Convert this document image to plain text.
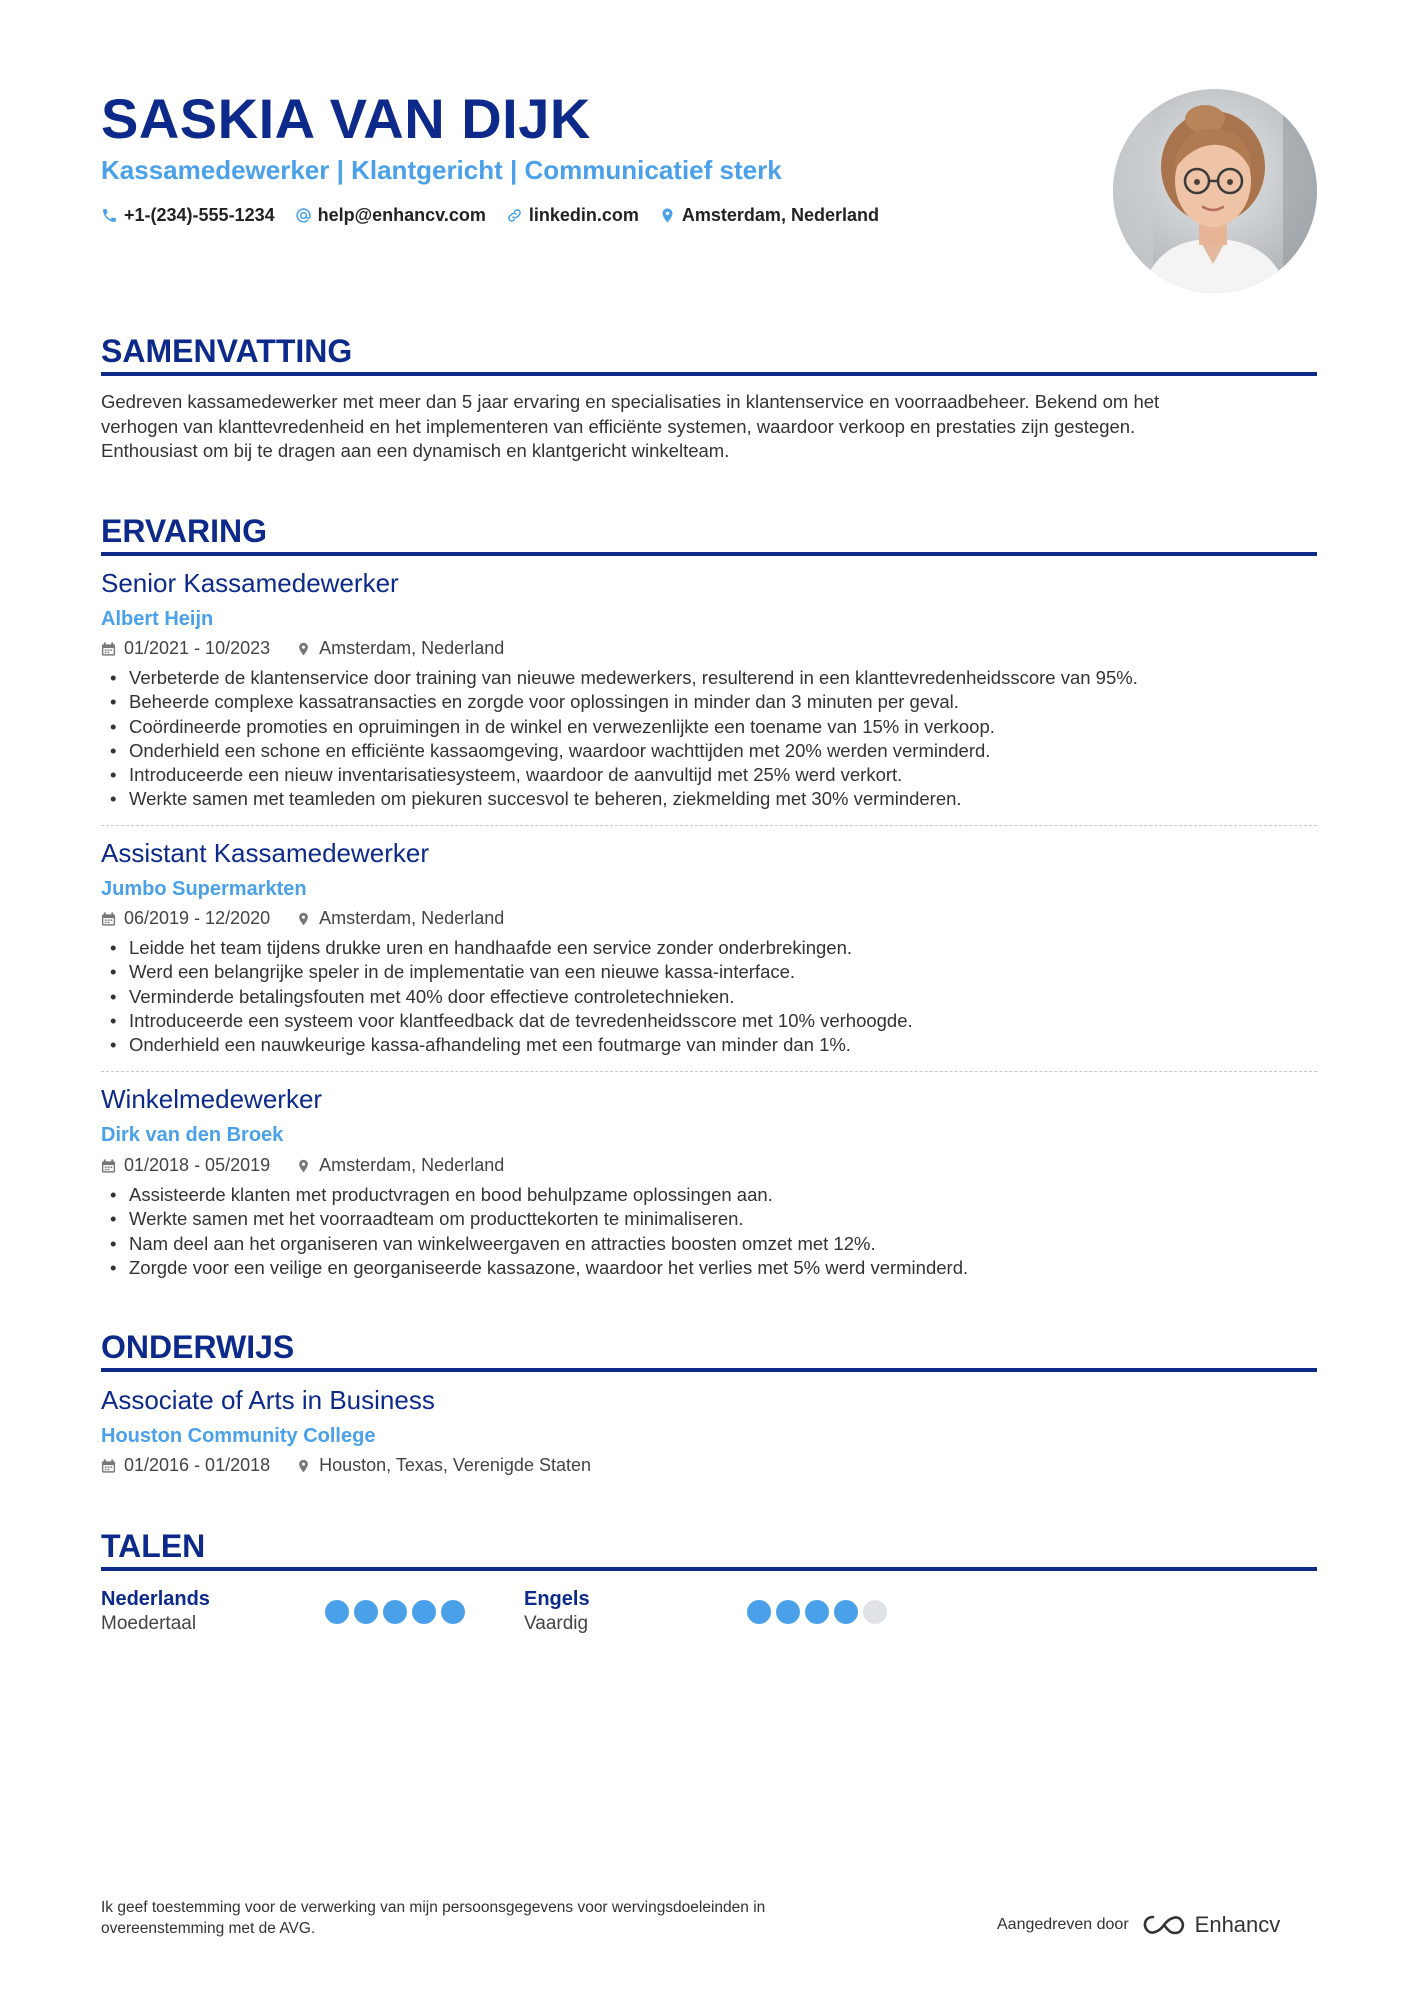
SASKIA VAN DIJK
Kassamedewerker | Klantgericht | Communicatief sterk
+1-(234)-555-1234 help@enhancv.com linkedin.com Amsterdam, Nederland
SAMENVATTING
Gedreven kassamedewerker met meer dan 5 jaar ervaring en specialisaties in klantenservice en voorraadbeheer. Bekend om het
verhogen van klanttevredenheid en het implementeren van efficiënte systemen, waardoor verkoop en prestaties zijn gestegen.
Enthousiast om bij te dragen aan een dynamisch en klantgericht winkelteam.
ERVARING
Senior Kassamedewerker
Albert Heijn
01/2021 - 10/2023	Amsterdam, Nederland
• Verbeterde de klantenservice door training van nieuwe medewerkers, resulterend in een klanttevredenheidsscore van 95%.
• Beheerde complexe kassatransacties en zorgde voor oplossingen in minder dan 3 minuten per geval.
• Coördineerde promoties en opruimingen in de winkel en verwezenlijkte een toename van 15% in verkoop.
• Onderhield een schone en efficiënte kassaomgeving, waardoor wachttijden met 20% werden verminderd.
• Introduceerde een nieuw inventarisatiesysteem, waardoor de aanvultijd met 25% werd verkort.
• Werkte samen met teamleden om piekuren succesvol te beheren, ziekmelding met 30% verminderen.
Assistant Kassamedewerker
Jumbo Supermarkten
06/2019 - 12/2020	Amsterdam, Nederland
• Leidde het team tijdens drukke uren en handhaafde een service zonder onderbrekingen.
• Werd een belangrijke speler in de implementatie van een nieuwe kassa-interface.
• Verminderde betalingsfouten met 40% door effectieve controletechnieken.
• Introduceerde een systeem voor klantfeedback dat de tevredenheidsscore met 10% verhoogde.
• Onderhield een nauwkeurige kassa-afhandeling met een foutmarge van minder dan 1%.
Winkelmedewerker
Dirk van den Broek
01/2018 - 05/2019	Amsterdam, Nederland
• Assisteerde klanten met productvragen en bood behulpzame oplossingen aan.
• Werkte samen met het voorraadteam om producttekorten te minimaliseren.
• Nam deel aan het organiseren van winkelweergaven en attracties boosten omzet met 12%.
• Zorgde voor een veilige en georganiseerde kassazone, waardoor het verlies met 5% werd verminderd.
ONDERWIJS
Associate of Arts in Business
Houston Community College
01/2016 - 01/2018	Houston, Texas, Verenigde Staten
TALEN
Nederlands
Moedertaal
Engels
Vaardig
Ik geef toestemming voor de verwerking van mijn persoonsgegevens voor wervingsdoeleinden in
overeenstemming met de AVG.	Aangedreven door	Enhancv
